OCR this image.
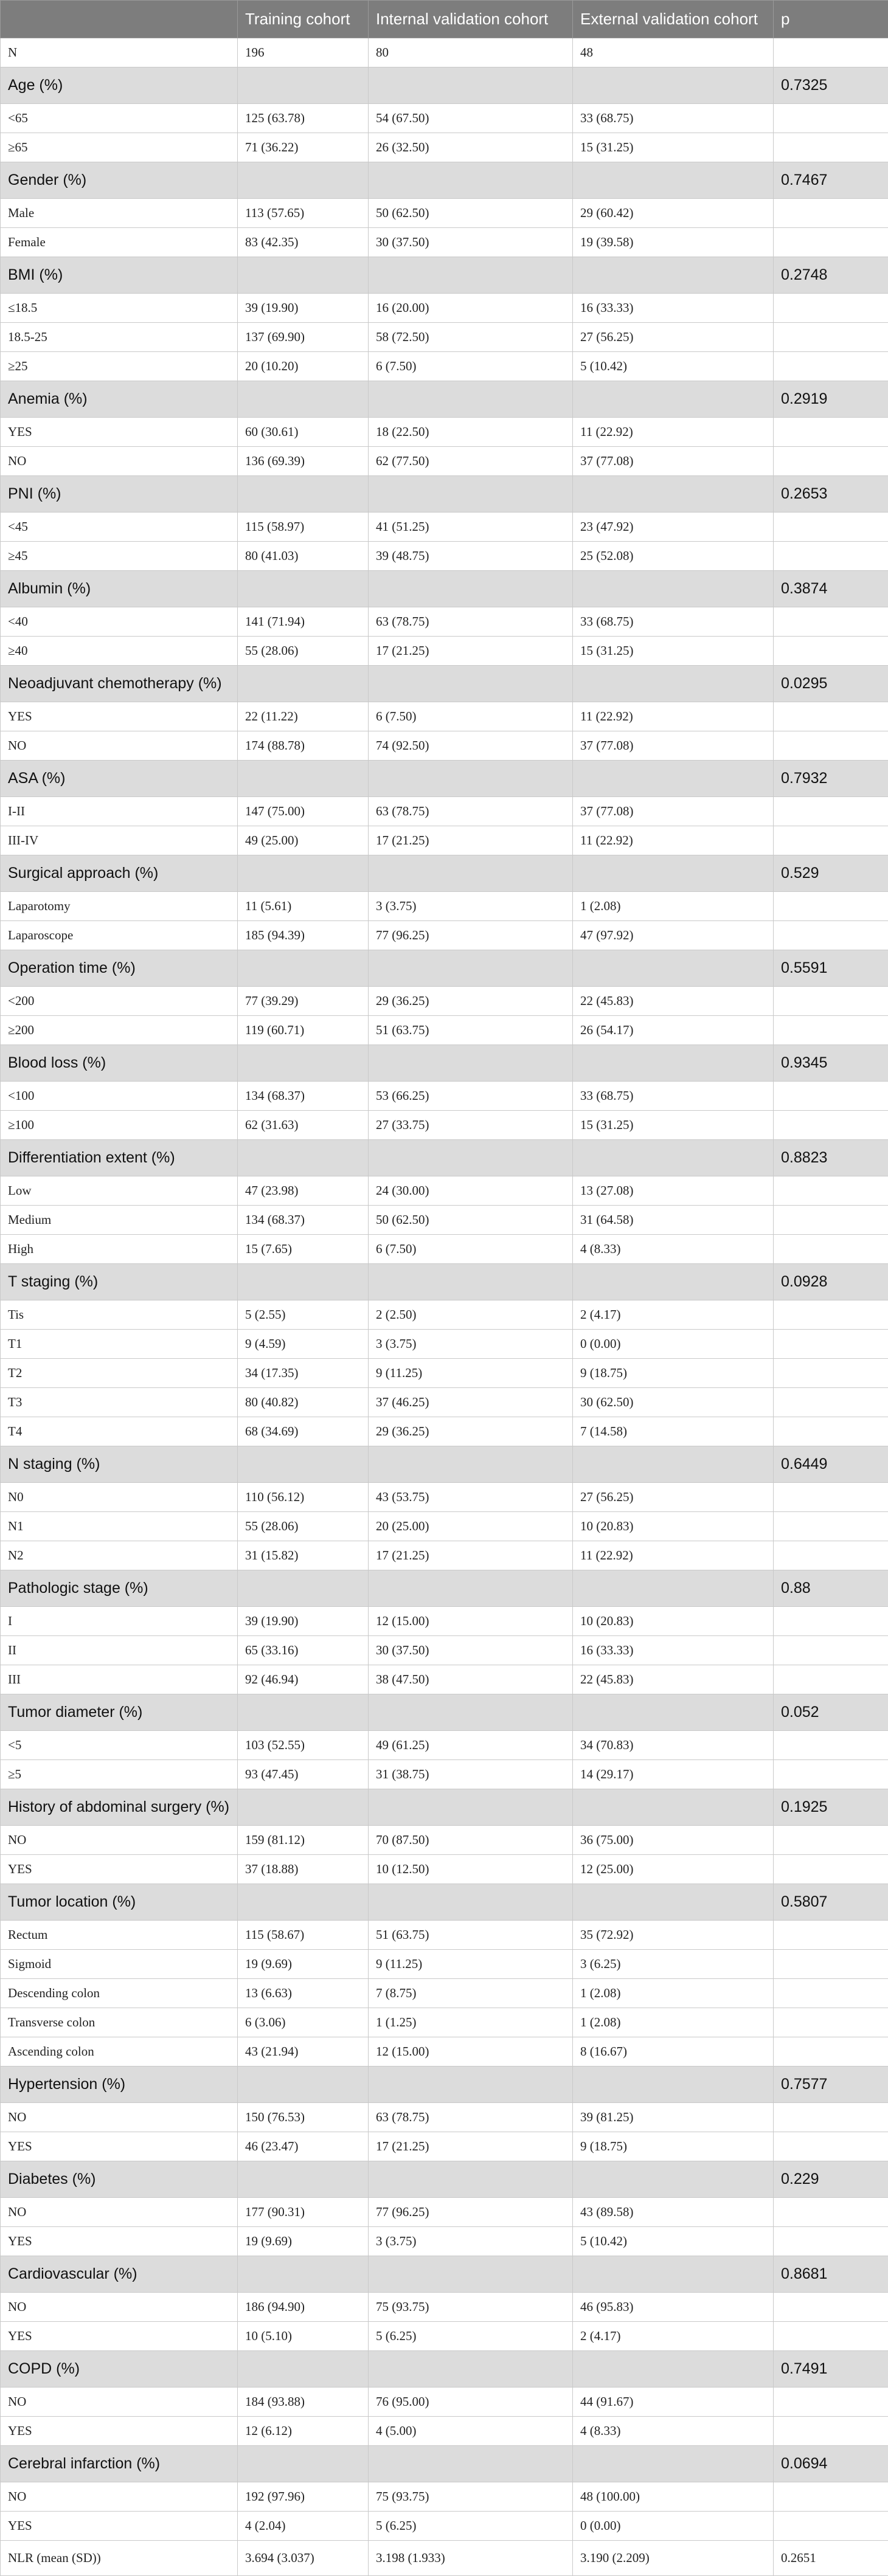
	Training cohort	Internal validation cohort	External validation cohort	p
N	196	80	48	
Age (%)				0.7325
<65	125 (63.78)	54 (67.50)	33 (68.75)	
≥65	71 (36.22)	26 (32.50)	15 (31.25)	
Gender (%)				0.7467
Male	113 (57.65)	50 (62.50)	29 (60.42)	
Female	83 (42.35)	30 (37.50)	19 (39.58)	
BMI (%)				0.2748
≤18.5	39 (19.90)	16 (20.00)	16 (33.33)	
18.5-25	137 (69.90)	58 (72.50)	27 (56.25)	
≥25	20 (10.20)	6 (7.50)	5 (10.42)	
Anemia (%)				0.2919
YES	60 (30.61)	18 (22.50)	11 (22.92)	
NO	136 (69.39)	62 (77.50)	37 (77.08)	
PNI (%)				0.2653
<45	115 (58.97)	41 (51.25)	23 (47.92)	
≥45	80 (41.03)	39 (48.75)	25 (52.08)	
Albumin (%)				0.3874
<40	141 (71.94)	63 (78.75)	33 (68.75)	
≥40	55 (28.06)	17 (21.25)	15 (31.25)	
Neoadjuvant chemotherapy (%)				0.0295
YES	22 (11.22)	6 (7.50)	11 (22.92)	
NO	174 (88.78)	74 (92.50)	37 (77.08)	
ASA (%)				0.7932
I-II	147 (75.00)	63 (78.75)	37 (77.08)	
III-IV	49 (25.00)	17 (21.25)	11 (22.92)	
Surgical approach (%)				0.529
Laparotomy	11 (5.61)	3 (3.75)	1 (2.08)	
Laparoscope	185 (94.39)	77 (96.25)	47 (97.92)	
Operation time (%)				0.5591
<200	77 (39.29)	29 (36.25)	22 (45.83)	
≥200	119 (60.71)	51 (63.75)	26 (54.17)	
Blood loss (%)				0.9345
<100	134 (68.37)	53 (66.25)	33 (68.75)	
≥100	62 (31.63)	27 (33.75)	15 (31.25)	
Differentiation extent (%)				0.8823
Low	47 (23.98)	24 (30.00)	13 (27.08)	
Medium	134 (68.37)	50 (62.50)	31 (64.58)	
High	15 (7.65)	6 (7.50)	4 (8.33)	
T staging (%)				0.0928
Tis	5 (2.55)	2 (2.50)	2 (4.17)	
T1	9 (4.59)	3 (3.75)	0 (0.00)	
T2	34 (17.35)	9 (11.25)	9 (18.75)	
T3	80 (40.82)	37 (46.25)	30 (62.50)	
T4	68 (34.69)	29 (36.25)	7 (14.58)	
N staging (%)				0.6449
N0	110 (56.12)	43 (53.75)	27 (56.25)	
N1	55 (28.06)	20 (25.00)	10 (20.83)	
N2	31 (15.82)	17 (21.25)	11 (22.92)	
Pathologic stage (%)				0.88
I	39 (19.90)	12 (15.00)	10 (20.83)	
II	65 (33.16)	30 (37.50)	16 (33.33)	
III	92 (46.94)	38 (47.50)	22 (45.83)	
Tumor diameter (%)				0.052
<5	103 (52.55)	49 (61.25)	34 (70.83)	
≥5	93 (47.45)	31 (38.75)	14 (29.17)	
History of abdominal surgery (%)				0.1925
NO	159 (81.12)	70 (87.50)	36 (75.00)	
YES	37 (18.88)	10 (12.50)	12 (25.00)	
Tumor location (%)				0.5807
Rectum	115 (58.67)	51 (63.75)	35 (72.92)	
Sigmoid	19 (9.69)	9 (11.25)	3 (6.25)	
Descending colon	13 (6.63)	7 (8.75)	1 (2.08)	
Transverse colon	6 (3.06)	1 (1.25)	1 (2.08)	
Ascending colon	43 (21.94)	12 (15.00)	8 (16.67)	
Hypertension (%)				0.7577
NO	150 (76.53)	63 (78.75)	39 (81.25)	
YES	46 (23.47)	17 (21.25)	9 (18.75)	
Diabetes (%)				0.229
NO	177 (90.31)	77 (96.25)	43 (89.58)	
YES	19 (9.69)	3 (3.75)	5 (10.42)	
Cardiovascular (%)				0.8681
NO	186 (94.90)	75 (93.75)	46 (95.83)	
YES	10 (5.10)	5 (6.25)	2 (4.17)	
COPD (%)				0.7491
NO	184 (93.88)	76 (95.00)	44 (91.67)	
YES	12 (6.12)	4 (5.00)	4 (8.33)	
Cerebral infarction (%)				0.0694
NO	192 (97.96)	75 (93.75)	48 (100.00)	
YES	4 (2.04)	5 (6.25)	0 (0.00)	
NLR (mean (SD))	3.694 (3.037)	3.198 (1.933)	3.190 (2.209)	0.2651
